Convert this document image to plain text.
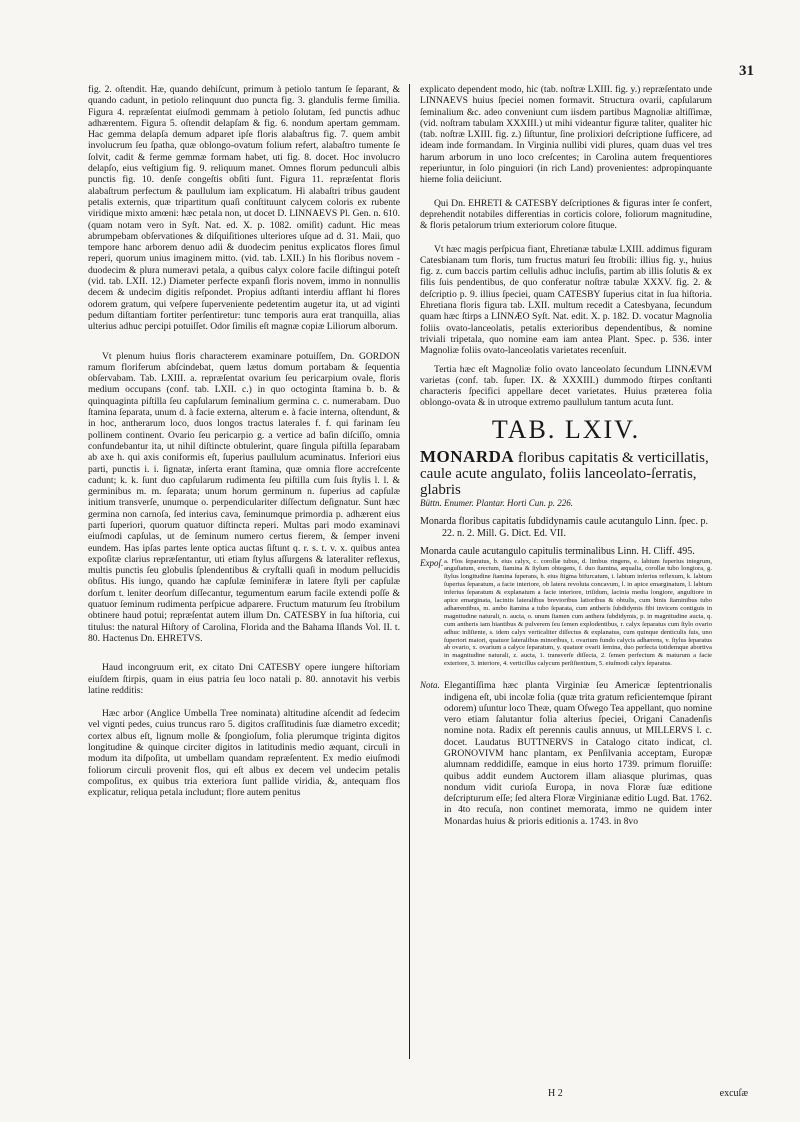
31

fig. 2. oſtendit. Hæ, quando dehiſcunt, primum à petiolo tantum ſe ſeparant, & quando cadunt, in petiolo relinquunt duo puncta fig. 3. glandulis ferme ſimilia. Figura 4. repræſentat eiuſmodi gemmam à petiolo ſolutam, ſed punctis adhuc adhærentem. Figura 5. oſtendit delapſam & fig. 6. nondum apertam gemmam. Hac gemma delapſa demum adparet ipſe floris alabaſtrus fig. 7. quem ambit involucrum ſeu ſpatha, quæ oblongo-ovatum folium refert, alabaſtro tumente ſe ſolvit, cadit & ferme gemmæ formam habet, uti fig. 8. docet. Hoc involucro delapſo, eius veſtigium fig. 9. reliquum manet. Omnes florum pedunculi albis punctis fig. 10. denſe congeſtis obſiti ſunt. Figura 11. repræſentat floris alabaſtrum perfectum & paullulum iam explicatum. Hi alabaſtri tribus gaudent petalis externis, quæ tripartitum quaſi conſtituunt calycem coloris ex rubente viridique mixto amœni: hæc petala non, ut docet D. LINNAEVS Pl. Gen. n. 610. (quam notam vero in Syſt. Nat. ed. X. p. 1082. omiſit) cadunt. Hic meas abrumpebam obſervationes & diſquiſitiones ulteriores uſque ad d. 31. Maii, quo tempore hanc arborem denuo adii & duodecim penitus explicatos flores ſimul reperi, quorum unius imaginem mitto. (vid. tab. LXII.) In his floribus novem - duodecim & plura numeravi petala, a quibus calyx colore facile diſtingui poteſt (vid. tab. LXII. 12.) Diameter perfecte expanſi floris novem, immo in nonnullis decem & undecim digitis reſpondet. Propius adſtanti interdiu afflant hi flores odorem gratum, qui veſpere ſuperveniente pedetentim augetur ita, ut ad viginti pedum diſtantiam fortiter perſentiretur: tunc temporis aura erat tranquilla, alias ulterius adhuc percipi potuiſſet. Odor ſimilis eſt magnæ copiæ Liliorum alborum.

Vt plenum huius floris characterem examinare potuiſſem, Dn. GORDON ramum floriferum abſcindebat, quem lætus domum portabam & ſequentia obſervabam. Tab. LXIII. a. repræſentat ovarium ſeu pericarpium ovale, floris medium occupans (conf. tab. LXII. c.) in quo octoginta ſtamina b. b. & quinquaginta piſtilla ſeu capſularum ſeminalium germina c. c. numerabam. Duo ſtamina ſeparata, unum d. à facie externa, alterum e. à facie interna, oſtendunt, & in hoc, antherarum loco, duos longos tractus laterales f. f. qui farinam ſeu pollinem continent. Ovario ſeu pericarpio g. a vertice ad baſin diſciſſo, omnia confundebantur ita, ut nihil diſtincte obtulerint, quare ſingula piſtilla ſeparabam ab axe h. qui axis coniformis eſt, ſuperius paullulum acuminatus. Inferiori eius parti, punctis i. i. ſignatæ, inſerta erant ſtamina, quæ omnia flore accreſcente cadunt; k. k. ſunt duo capſularum rudimenta ſeu piſtilla cum ſuis ſtylis l. l. & germinibus m. m. ſeparata; unum horum germinum n. ſuperius ad capſulæ initium transverſe, unumque o. perpendiculariter diſſectum deſignatur. Sunt hæc germina non carnoſa, ſed interius cava, ſeminumque primordia p. adhærent eius parti ſuperiori, quorum quatuor diſtincta reperi. Multas pari modo examinavi eiuſmodi capſulas, ut de ſeminum numero certus fierem, & ſemper inveni eundem. Has ipſas partes lente optica auctas ſiſtunt q. r. s. t. v. x. quibus antea expoſitæ clarius repræſentantur, uti etiam ſtylus aſſurgens & lateraliter reflexus, multis punctis ſeu globulis ſplendentibus & cryſtalli quaſi in modum pellucidis obſitus. His iungo, quando hæ capſulæ ſeminiferæ in latere ſtyli per capſulæ dorſum t. leniter deorſum diſſecantur, tegumentum earum facile extendi poſſe & quatuor ſeminum rudimenta perſpicue adparere. Fructum maturum ſeu ſtrobilum obtinere haud potui; repræſentat autem illum Dn. CATESBY in ſua hiſtoria, cui titulus: the natural Hiſtory of Carolina, Florida and the Bahama Iſlands Vol. II. t. 80. Hactenus Dn. EHRETVS.

Haud incongruum erit, ex citato Dni CATESBY opere iungere hiſtoriam eiuſdem ſtirpis, quam in eius patria ſeu loco natali p. 80. annotavit his verbis latine redditis:

Hæc arbor (Anglice Umbella Tree nominata) altitudine aſcendit ad ſedecim vel vignti pedes, cuius truncus raro 5. digitos craſſitudinis ſuæ diametro excedit; cortex albus eſt, lignum molle & ſpongioſum, folia plerumque triginta digitos longitudine & quinque circiter digitos in latitudinis medio æquant, circuli in modum ita diſpoſita, ut umbellam quandam repræſentent. Ex medio eiuſmodi foliorum circuli provenit flos, qui eſt albus ex decem vel undecim petalis compoſitus, ex quibus tria exteriora ſunt pallide viridia, &, antequam flos explicatur, reliqua petala includunt; flore autem penitus

explicato dependent modo, hic (tab. noſtræ LXIII. fig. y.) repræſentato unde LINNAEVS huius ſpeciei nomen formavit. Structura ovarii, capſularum ſeminalium &c. adeo conveniunt cum iisdem partibus Magnoliæ altiſſimæ, (vid. noſtram tabulam XXXIII.) ut mihi videantur figuræ taliter, qualiter hic (tab. noſtræ LXIII. fig. z.) ſiſtuntur, ſine prolixiori deſcriptione ſufficere, ad ideam inde formandam. In Virginia nullibi vidi plures, quam duas vel tres harum arborum in uno loco creſcentes; in Carolina autem frequentiores reperiuntur, in ſolo pinguiori (in rich Land) provenientes: adpropinquante hieme folia deiiciunt.

Qui Dn. EHRETI & CATESBY deſcriptiones & figuras inter ſe confert, deprehendit notabiles differentias in corticis colore, foliorum magnitudine, & floris petalorum trium exteriorum colore ſituque.

Vt hæc magis perſpicua fiant, Ehretianæ tabulæ LXIII. addimus figuram Catesbianam tum floris, tum fructus maturi ſeu ſtrobili: illius fig. y., huius fig. z. cum baccis partim cellulis adhuc incluſis, partim ab illis ſolutis & ex filis ſuis pendentibus, de quo conferatur noſtræ tabulæ XXXV. fig. 2. & deſcriptio p. 9. illius ſpeciei, quam CATESBY ſuperius citat in ſua hiſtoria. Ehretiana floris figura tab. LXII. multum recedit a Catesbyana, ſecundum quam hæc ſtirps a LINNÆO Syſt. Nat. edit. X. p. 182. D. vocatur Magnolia foliis ovato-lanceolatis, petalis exterioribus dependentibus, & nomine triviali tripetala, quo nomine eam iam antea Plant. Spec. p. 536. inter Magnoliæ foliis ovato-lanceolatis varietates recenſuit.

Tertia hæc eſt Magnoliæ folio ovato lanceolato ſecundum LINNÆVM varietas (conf. tab. ſuper. IX. & XXXIII.) dummodo ſtirpes conſtanti characteris ſpecifici appellare decet varietates. Huius præterea folia oblongo-ovata & in utroque extremo paullulum tantum acuta ſunt.

TAB. LXIV.

MONARDA floribus capitatis & verticillatis, caule acute angulato, foliis lanceolato-ſerratis, glabris

Büttn. Enumer. Plantar. Horti Cun. p. 226.

Monarda floribus capitatis ſubdidynamis caule acutangulo Linn. ſpec. p. 22. n. 2. Mill. G. Dict. Ed. VII.

Monarda caule acutangulo capitulis terminalibus Linn. H. Cliff. 495.

Expoſ. a. Flos ſeparatus, b. eius calyx, c. corollæ tubus, d. limbus ringens, e. labium ſuperius integrum, anguſtatum, erectum, ſtamina & ſtylum obtegens, f. duo ſtamina, æqualia, corollæ tubo longiora, g. ſtylus longitudine ſtamina ſuperans, h. eius ſtigma bifurcatum, i. labium inferius reflexum, k. labium ſuperius ſeparatum, a facie interiore, ob latera revoluta concavum, l. in apice emarginatum, l. labium inferius ſeparatum & explanatum a facie interiore, triſidum, lacinia media longiore, anguſtiore in apice emarginata, laciniis lateralibus brevioribus latioribus & obtuſis, cum binis ſtaminibus tubo adhærentibus, m. ambo ſtamina a tubo ſeparata, cum antheris ſubdidymis fibi invicem contiguis in magnitudine naturali, n. aucta, o. unum ſtamen cum anthera ſubdidymis, p. in magnitudine aucta, q. cum antheris iam hiantibus & pulverem ſeu ſemen explodentibus, r. calyx ſeparatus cum ſtylo ovario adhuc inſiſtente, s. idem calyx verticaliter diſſectus & explanatus, cum quinque denticulis ſuis, uno ſuperiori maiori, quatuor lateralibus minoribus, t. ovarium fundo calycis adhærens, v. ſtylus ſeparatus ab ovario, x. ovarium a calyce ſeparatum, y. quatuor ovarii ſemina, duo perfecta totidemque abortiva in magnitudine naturali, z. aucta, 1. transverſe diſſecta, 2. ſemen perfectum & maturum a facie exteriore, 3. interiore, 4. verticillus calycum perſiſtentium, 5. eiuſmodi calyx ſeparatus.

Nota. Elegantiſſima hæc planta Virginiæ ſeu Americæ ſeptentrionalis indigena eſt, ubi incolæ folia (quæ trita gratum reficientemque ſpirant odorem) uſuntur loco Theæ, quam Oſwego Tea appellant, quo nomine vero etiam ſalutantur folia alterius ſpeciei, Origani Canadenſis nomine nota. Radix eſt perennis caulis annuus, ut MILLERVS l. c. docet. Laudatus BUTTNERVS in Catalogo citato indicat, cl. GRONOVIVM hanc plantam, ex Penſilvania acceptam, Europæ alumnam reddidiſſe, eamque in eius horto 1739. primum floruiſſe: quibus addit eundem Auctorem illam aliasque plurimas, quas nondum vidit curioſa Europa, in nova Floræ ſuæ editione deſcripturum eſſe; ſed altera Floræ Virginianæ editio Lugd. Bat. 1762. in 4to recuſa, non continet memorata, immo ne quidem inter Monardas huius & prioris editionis a. 1743. in 8vo

H 2	excuſæ
